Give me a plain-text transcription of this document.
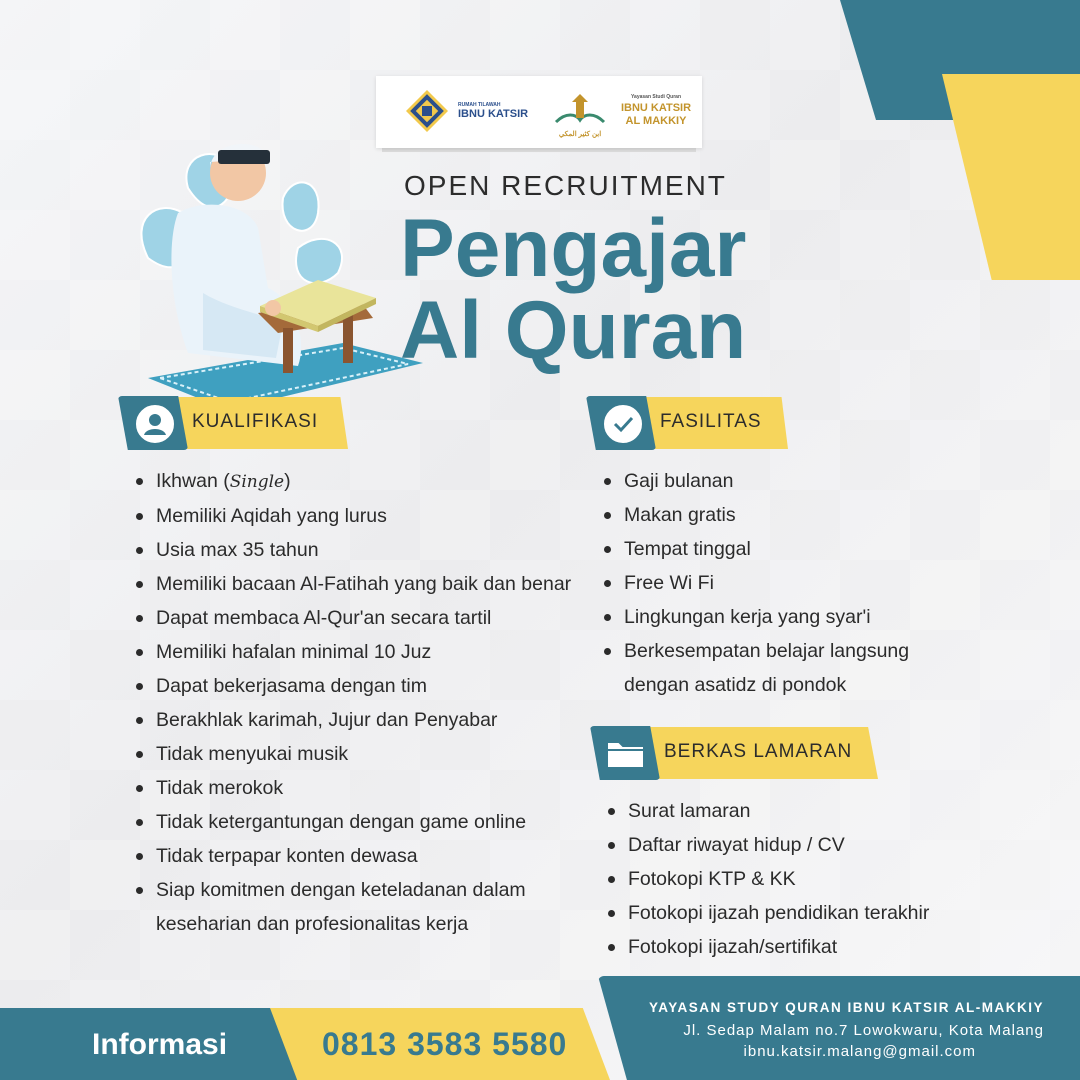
RUMAH TILAWAH
IBNU KATSIR
ابن كثير المكي
Yayasan Studi Quran
IBNU KATSIR
AL MAKKIY
OPEN RECRUITMENT
Pengajar
Al Quran
KUALIFIKASI
Ikhwan (Single)
Memiliki Aqidah yang lurus
Usia max 35 tahun
Memiliki bacaan Al-Fatihah yang baik dan benar
Dapat membaca Al-Qur'an secara tartil
Memiliki hafalan minimal 10 Juz
Dapat bekerjasama dengan tim
Berakhlak karimah, Jujur dan Penyabar
Tidak menyukai musik
Tidak merokok
Tidak ketergantungan dengan game online
Tidak terpapar konten dewasa
Siap komitmen dengan keteladanan dalam keseharian dan profesionalitas kerja
FASILITAS
Gaji bulanan
Makan gratis
Tempat tinggal
Free Wi Fi
Lingkungan kerja yang syar'i
Berkesempatan belajar langsung dengan asatidz di pondok
BERKAS LAMARAN
Surat lamaran
Daftar riwayat hidup / CV
Fotokopi KTP & KK
Fotokopi ijazah pendidikan terakhir
Fotokopi ijazah/sertifikat
Informasi	0813 3583 5580
YAYASAN STUDY QURAN IBNU KATSIR AL-MAKKIY
Jl. Sedap Malam no.7 Lowokwaru, Kota Malang
ibnu.katsir.malang@gmail.com
